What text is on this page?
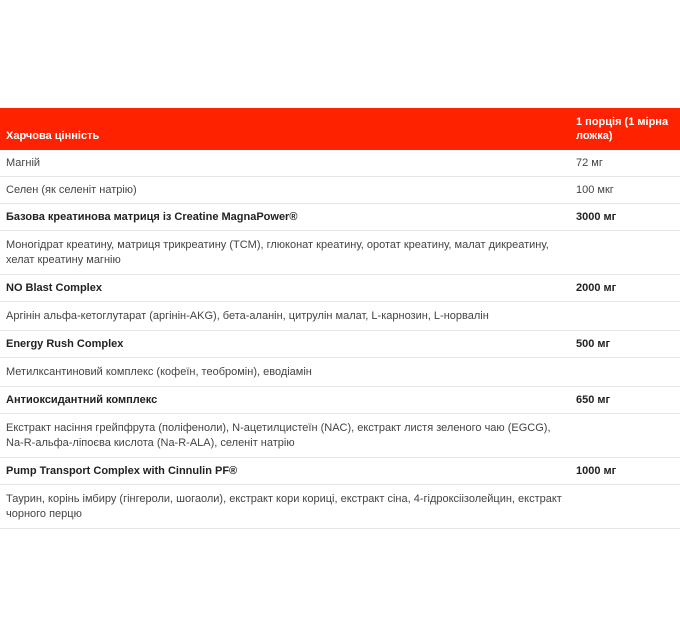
Харчова цінність	1 порція (1 мірна ложка)
Магній	72 мг
Селен (як селеніт натрію)	100 мкг
Базова креатинова матриця із Creatine MagnaPower®	3000 мг
Моногідрат креатину, матриця трикреатину (TCM), глюконат креатину, оротат креатину, малат дикреатину, хелат креатину магнію	
NO Blast Complex	2000 мг
Аргінін альфа-кетоглутарат (аргінін-AKG), бета-аланін, цитрулін малат, L-карнозин, L-норвалін	
Energy Rush Complex	500 мг
Метилксантиновий комплекс (кофеїн, теобромін), еводіамін	
Антиоксидантний комплекс	650 мг
Екстракт насіння грейпфрута (поліфеноли), N-ацетилцистеїн (NAC), екстракт листя зеленого чаю (EGCG), Na-R-альфа-ліпоєва кислота (Na-R-ALA), селеніт натрію	
Pump Transport Complex with Cinnulin PF®	1000 мг
Таурин, корінь імбиру (гінгероли, шогаоли), екстракт кори кориці, екстракт сіна, 4-гідроксіізолейцин, екстракт чорного перцю	
